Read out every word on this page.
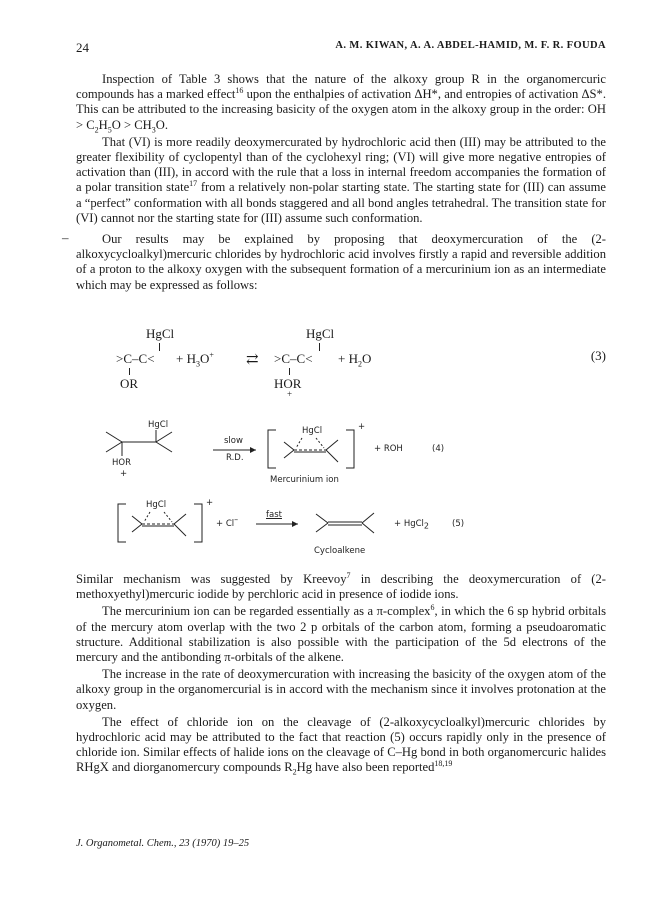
24	A. M. KIWAN, A. A. ABDEL-HAMID, M. F. R. FOUDA

Inspection of Table 3 shows that the nature of the alkoxy group R in the organomercuric compounds has a marked effect$^{16}$ upon the enthalpies of activation ΔH*, and entropies of activation ΔS*. This can be attributed to the increasing basicity of the oxygen atom in the alkoxy group in the order: OH > $C_2H_5O > CH_3O$.

That (VI) is more readily deoxymercurated by hydrochloric acid then (III) may be attributed to the greater flexibility of cyclopentyl than of the cyclohexyl ring; (VI) will give more negative entropies of activation than (III), in accord with the rule that a loss in internal freedom accompanies the formation of a polar transition state$^{17}$ from a relatively non-polar starting state. The starting state for (III) can assume a “perfect” conformation with all bonds staggered and all bond angles tetrahedral. The transition state for (VI) cannot nor the starting state for (III) assume such conformation.

Our results may be explained by proposing that deoxymercuration of the (2-alkoxycycloalkyl)mercuric chlorides by hydrochloric acid involves firstly a rapid and reversible addition of a proton to the alkoxy oxygen with the subsequent formation of a mercurinium ion as an intermediate which may be expressed as follows:

–
HgCl	HgCl
$>C-C< + H_3O^+$ ⇄ $>C-C< + H_2O$
OR	HOR
+
(3)
HgCl
HOR
+
slow
R.D.
HgCl	+
+ ROH	(4)
Mercurinium ion
HgCl	+
+ Cl–	fast
+ HgCl$_2$	(5)
Cycloalkene

Similar mechanism was suggested by Kreevoy$^7$ in describing the deoxymercuration of (2-methoxyethyl)mercuric iodide by perchloric acid in presence of iodide ions.

The mercurinium ion can be regarded essentially as a π-complex$^6$, in which the 6 sp hybrid orbitals of the mercury atom overlap with the two 2 p orbitals of the carbon atom, forming a pseudoaromatic structure. Additional stabilization is also possible with the participation of the 5d electrons of the mercury and the antibonding π-orbitals of the alkene.

The increase in the rate of deoxymercuration with increasing the basicity of the oxygen atom of the alkoxy group in the organomercurial is in accord with the mechanism since it involves protonation at the oxygen.

The effect of chloride ion on the cleavage of (2-alkoxycycloalkyl)mercuric chlorides by hydrochloric acid may be attributed to the fact that reaction (5) occurs rapidly only in the presence of chloride ion. Similar effects of halide ions on the cleavage of C–Hg bond in both organomercuric halides RHgX and diorganomercury compounds $R_2Hg$ have also been reported$^{18,19}$

J. Organometal. Chem., 23 (1970) 19–25
